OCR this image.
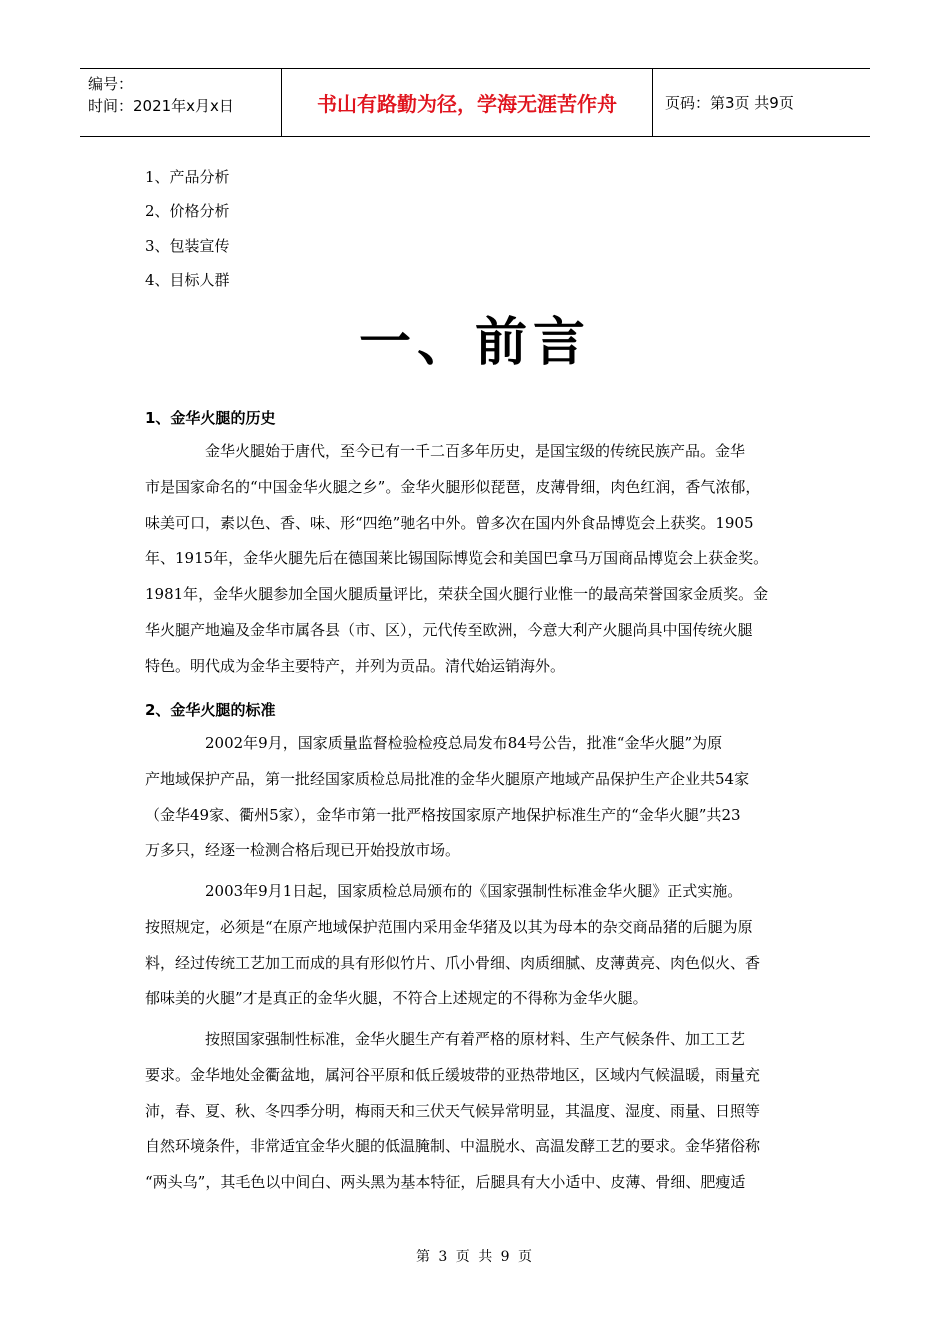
编号：
时间：2021年x月x日	书山有路勤为径，学海无涯苦作舟	页码：第3页 共9页
1、产品分析
2、价格分析
3、包装宣传
4、目标人群
一、前言
1、金华火腿的历史
　　　　金华火腿始于唐代，至今已有一千二百多年历史，是国宝级的传统民族产品。金华
市是国家命名的“中国金华火腿之乡”。金华火腿形似琵琶，皮薄骨细，肉色红润，香气浓郁，
味美可口，素以色、香、味、形“四绝”驰名中外。曾多次在国内外食品博览会上获奖。1905
年、1915年，金华火腿先后在德国莱比锡国际博览会和美国巴拿马万国商品博览会上获金奖。
1981年，金华火腿参加全国火腿质量评比，荣获全国火腿行业惟一的最高荣誉国家金质奖。金
华火腿产地遍及金华市属各县（市、区），元代传至欧洲，今意大利产火腿尚具中国传统火腿
特色。明代成为金华主要特产，并列为贡品。清代始运销海外。
2、金华火腿的标准
　　　　2002年9月，国家质量监督检验检疫总局发布84号公告，批准“金华火腿”为原
产地域保护产品，第一批经国家质检总局批准的金华火腿原产地域产品保护生产企业共54家
（金华49家、衢州5家），金华市第一批严格按国家原产地保护标准生产的“金华火腿”共23
万多只，经逐一检测合格后现已开始投放市场。
　　　　2003年9月1日起，国家质检总局颁布的《国家强制性标准金华火腿》正式实施。
按照规定，必须是“在原产地域保护范围内采用金华猪及以其为母本的杂交商品猪的后腿为原
料，经过传统工艺加工而成的具有形似竹片、爪小骨细、肉质细腻、皮薄黄亮、肉色似火、香
郁味美的火腿”才是真正的金华火腿，不符合上述规定的不得称为金华火腿。
　　　　按照国家强制性标准，金华火腿生产有着严格的原材料、生产气候条件、加工工艺
要求。金华地处金衢盆地，属河谷平原和低丘缓坡带的亚热带地区，区域内气候温暖，雨量充
沛，春、夏、秋、冬四季分明，梅雨天和三伏天气候异常明显，其温度、湿度、雨量、日照等
自然环境条件，非常适宜金华火腿的低温腌制、中温脱水、高温发酵工艺的要求。金华猪俗称
“两头乌”，其毛色以中间白、两头黑为基本特征，后腿具有大小适中、皮薄、骨细、肥瘦适
第 3 页 共 9 页
